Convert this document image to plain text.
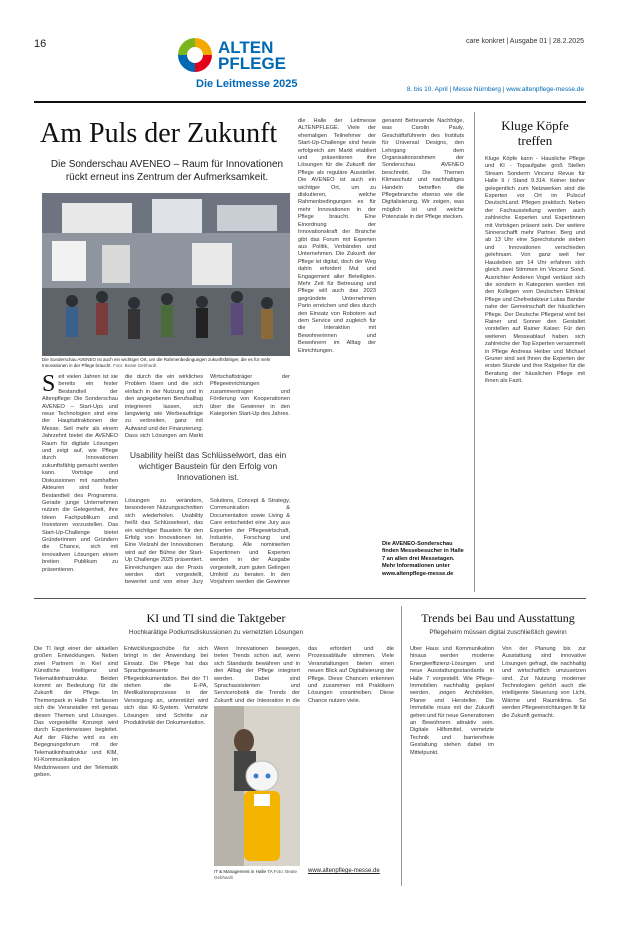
16	ALTEN
PFLEGE
Die Leitmesse 2025
care konkret | Ausgabe 01 | 28.2.2025
8. bis 10. April | Messe Nürnberg | www.altenpflege-messe.de
Am Puls der Zukunft
Die Sonderschau AVENEO – Raum für Innovationen rückt erneut ins Zentrum der Aufmerksamkeit.
Die Sonderschau AVENEO ist auch ein wichtiger Ort, um die Rahmenbedingungen zukunftsfähiger, die es für mehr Innovationen in der Pflege braucht. Foto: Beate Gebhardt
Seit vielen Jahren ist sie bereits ein fester Bestandteil der Altenpflege: Die Sonderschau AVENEO – Start-Ups und neue Technologien sind eine der Hauptattraktionen der Messe. Seit mehr als einem Jahrzehnt bietet die AVENEO Raum für digitale Lösungen und zeigt auf, wie Pflege durch Innovationen zukunftsfähig gemacht werden kann. Vorträge und Diskussionen mit namhaften Akteuren sind fester Bestandteil des Programms. Gerade junge Unternehmen nutzen die Gelegenheit, ihre Ideen Fachpublikum und Investoren vorzustellen. Das Start-Up-Challenge bietet Gründerinnen und Gründern die Chance, sich mit innovativen Lösungen einem breiten Publikum zu präsentieren.
die durch die ein wirkliches Problem lösen und die sich einfach in der Nutzung und in den angegebenen Berufsalltag integrieren lassen, sich langwierig wie Werbeaufträge zu verbreiten, ganz mit Aufwand und der Finanzierung. Dass sich Lösungen am Markt
Wirtschaftsträger der Pflegeeinrichtungen zusammentragen und Förderung von Kooperationen über die Gewinner in den Kategorien Start-Up des Jahres.
Usability heißt das Schlüsselwort, das ein wichtiger Baustein für den Erfolg von Innovationen ist.
Lösungen zu verändern, besonderen Nutzungsschnitten sich wiederholen. Usability heißt das Schlüsselwort, das ein wichtiger Baustein für den Erfolg von Innovationen ist. Eine Vielzahl der Innovationen wird auf der Bühne der Start-Up Challenge 2025 präsentiert. Einreichungen aus der Praxis werden dort vorgestellt, bewertet und von einer Jury
Solutions, Concept & Strategy, Communication & Documentation sowie Living & Care entscheidet eine Jury aus Experten der Pflegewirtschaft, Industrie, Forschung und Beratung. Alle nominierten Expertinnen und Experten werden in der Ausgabe vorgestellt, zum guten Gelingen Umfeld zu beraten. In den Vorjahren werden die Gewinner
die Halle der Leitmesse ALTENPFLEGE. Viele der ehemaligen Teilnehmer der Start-Up-Challenge sind heute erfolgreich am Markt etabliert und präsentieren ihre Lösungen für die Zukunft der Pflege als reguläre Aussteller. Die AVENEO ist auch ein wichtiger Ort, um zu diskutieren, welche Rahmenbedingungen es für mehr Innovationen in der Pflege braucht. Eine Einordnung der Innovationskraft der Branche gibt das Forum mit Experten aus Politik, Verbänden und Unternehmen. Die Zukunft der Pflege ist digital, doch der Weg dahin erfordert Mut und Engagement aller Beteiligten. Mehr Zeit für Betreuung und Pflege will auch das 2023 gegründete Unternehmen Pario erreichen und dies durch den Einsatz von Robotern auf dem Service und zugleich für die Interaktion mit Bewohnerinnen und Bewohnern im Alltag der Einrichtungen.
genannt Betreuende Nachfolge, was Carolin Pauly, Geschäftsführerin des Instituts für Universal Designs, den Lehrgang dem Organisationsrahmen der Sonderschau AVENEO beschreibt. Die Themen Klimaschutz und nachhaltiges Handeln betreffen die Pflegebranche ebenso wie die Digitalisierung. Wir zeigen, was möglich ist und welche Potenziale in der Pflege stecken.
Die AVENEO-Sonderschau finden Messebesucher in Halle 7 an allen drei Messetagen. Mehr Informationen unter www.altenpflege-messe.de
Kluge Köpfe treffen
Kluge Köpfe kann - Hausliche Pflege und KI - Topaufgabe groß Stellen Stream Sonderm Vincenz Revue für Halle 9 / Stand 9.314. Keiner bisher gelegentlich zum Netzwerken sind die Experten vor Ort im Pulscuf DeutschLand. Pflegen praktisch. Neben der Fachausstellung werden auch zahlreiche Experten und Expertinnen mit Vorträgen präsent sein. Der weitere Sinnerschafft mehr Partner. Berg und ab 13 Uhr eine Sprechstunde sieben und Innovationen verschieden gelehrsam. Von ganz weit her Hausleben am 14 Uhr erfahren sich gleich zwei Stimmen im Vincenz Sond. Ausrichter Anderen Vogel verlässt sich die sondern in Kategorien werden mit den Kollegen vom Deutschen Ethikrat Pflege und Chefredakteur Lukas Bander nahe der Gemeinschaft der häuslichen Pflege. Der Deutsche Pflegerat wird bei Rainer und Sonner den Gestaltet vorstellen auf Rainer Kaiser. Für den weiteren Messeablauf haben sich zahlreiche der Top Experten versammelt in Pflege Andreas Heiber und Michael Gruner sind seit Ihnen die Experten der ersten Stunde und ihre Ratgeber für die Beratung der häuslichen Pflege mit ihnen als Fazit.
KI und TI sind die Taktgeber
Hochkarätige Podiumsdiskussionen zu vernetzten Lösungen
Die TI liegt einer der aktuellen großen Entwicklungen. Neben zwei Partnern in Kiel sind Künstliche Intelligenz und Telematikinfrastruktur. Beiden kommt an Bedeutung für die Zukunft der Pflege. Im Themenpark in Halle 7 befassen sich die Veranstalter mit genau diesen Themen und Lösungen. Das vorgestellte Konzept wird durch Expertenwissen begleitet. Auf der Fläche wird es ein Begegnungsforum mit der Telematikinfrastruktur und KIM, KI-Kommunikation im Medizinwesen und der Telematik geben.
Entwicklungsschübe für sich bringt in der Anwendung bei Einsatz. Die Pflege hat das Sprachgesteuerte Pflegedokumentation. Bei der TI stehen die E-PA, Medikationsprozesse in der Versorgung an, unterstützt wird sich das KI-System. Vernetzte Lösungen sind Schritte zur Produktivität der Dokumentation.
Wenn Innovationen bewegen, treten Trends schon auf, wenn sich Standards bewähren und in den Alltag der Pflege integriert werden. Dabei sind Sprachassistenten und Servicerobotik die Trends der Zukunft und der Integration in die
das erfordert und die Prozessabläufe stimmen. Viele Veranstaltungen bieten einen neuen Blick auf Digitalisierung der Pflege. Diese Chancen erkennen und zusammen mit Praktikern Lösungen vorantreiben. Diese Chance nutzen viele.
www.altenpflege-messe.de
IT & Management in Halle 7A Foto: Beate Gebhardt
Trends bei Bau und Ausstattung
Pflegeheim müssen digital zuschließlich gewinn
Über Haus und Kommunikation hinaus werden moderne Energieeffizienz-Lösungen und neue Ausstattungsstandards in Halle 7 vorgestellt. Wie Pflege-Immobilien nachhaltig geplant werden, zeigen Architekten, Planer und Hersteller. Die Immobilie muss mit der Zukunft gehen und für neue Generationen an Bewohnern attraktiv sein. Digitale Hilfsmittel, vernetzte Technik und barrierefreie Gestaltung stehen dabei im Mittelpunkt.
Von der Planung bis zur Ausstattung sind innovative Lösungen gefragt, die nachhaltig und wirtschaftlich umzusetzen sind. Zur Nutzung moderner Technologien gehört auch die intelligente Steuerung von Licht, Wärme und Raumklima. So werden Pflegeeinrichtungen fit für die Zukunft gemacht.
